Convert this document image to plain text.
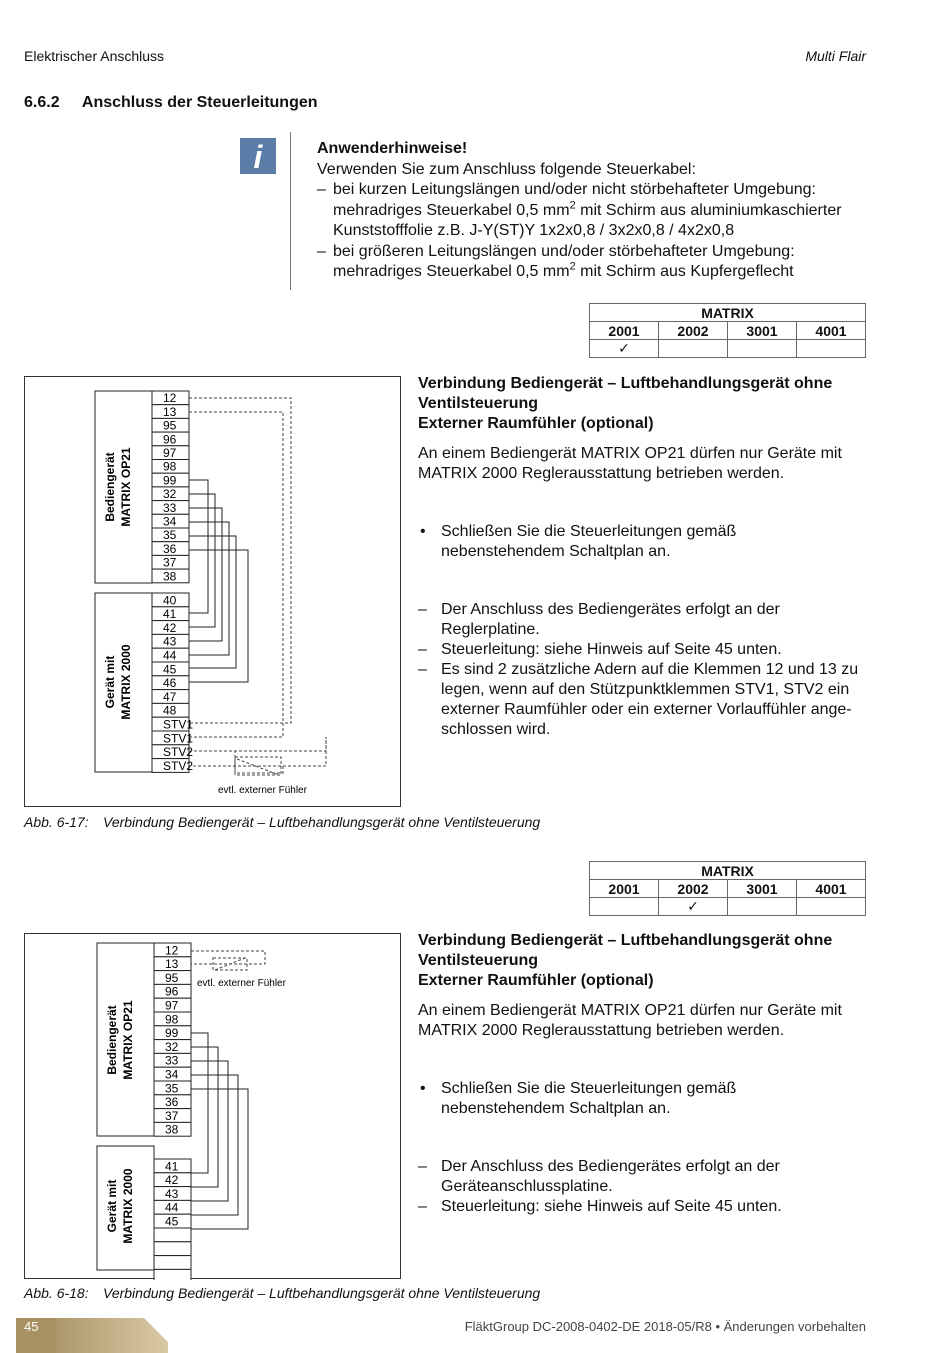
Elektrischer Anschluss	Multi Flair
6.6.2 Anschluss der Steuerleitungen
i	Anwenderhinweise!

Verwenden Sie zum Anschluss folgende Steuerkabel:

– bei kurzen Leitungslängen und/oder nicht störbehafteter Umgebung:
mehradriges Steuerkabel 0,5 $mm^2$ mit Schirm aus aluminiumkaschierter
Kunststofffolie z.B. J-Y(ST)Y 1x2x0,8 / 3x2x0,8 / 4x2x0,8
– bei größeren Leitungslängen und/oder störbehafteter Umgebung:
mehradriges Steuerkabel 0,5 $mm^2$ mit Schirm aus Kupfergeflecht
MATRIX			
2001	2002	3001	4001
✓			
Bediengerät MATRIX OP21
Gerät mit MATRIX 2000
12
13
95
96
97
98
99
32
33
34
35
36
37
38
40
41
42
43
44
45
46
47
48
STV1
STV1
STV2
STV2
evtl. externer Fühler
Abb. 6-17: Verbindung Bediengerät – Luftbehandlungsgerät ohne Ventilsteuerung
Verbindung Bediengerät – Luftbehandlungsgerät ohne
Ventilsteuerung
Externer Raumfühler (optional)

An einem Bediengerät MATRIX OP21 dürfen nur Geräte mit
MATRIX 2000 Reglerausstattung betrieben werden.

• Schließen Sie die Steuerleitungen gemäß
nebenstehendem Schaltplan an.
– Der Anschluss des Bediengerätes erfolgt an der
Reglerplatine.
– Steuerleitung: siehe Hinweis auf Seite 45 unten.
– Es sind 2 zusätzliche Adern auf die Klemmen 12 und 13 zu
legen, wenn auf den Stützpunktklemmen STV1, STV2 ein
externer Raumfühler oder ein externer Vorlauffühler ange-
schlossen wird.
MATRIX			
2001	2002	3001	4001
	✓		
Bediengerät MATRIX OP21
Gerät mit MATRIX 2000
12
13
95
96
97
98
99
32
33
34
35
36
37
38
41
42
43
44
45
evtl. externer Fühler
Abb. 6-18: Verbindung Bediengerät – Luftbehandlungsgerät ohne Ventilsteuerung
Verbindung Bediengerät – Luftbehandlungsgerät ohne
Ventilsteuerung
Externer Raumfühler (optional)

An einem Bediengerät MATRIX OP21 dürfen nur Geräte mit
MATRIX 2000 Reglerausstattung betrieben werden.

• Schließen Sie die Steuerleitungen gemäß
nebenstehendem Schaltplan an.
– Der Anschluss des Bediengerätes erfolgt an der
Geräteanschlussplatine.
– Steuerleitung: siehe Hinweis auf Seite 45 unten.
45	FläktGroup DC-2008-0402-DE 2018-05/R8 • Änderungen vorbehalten
